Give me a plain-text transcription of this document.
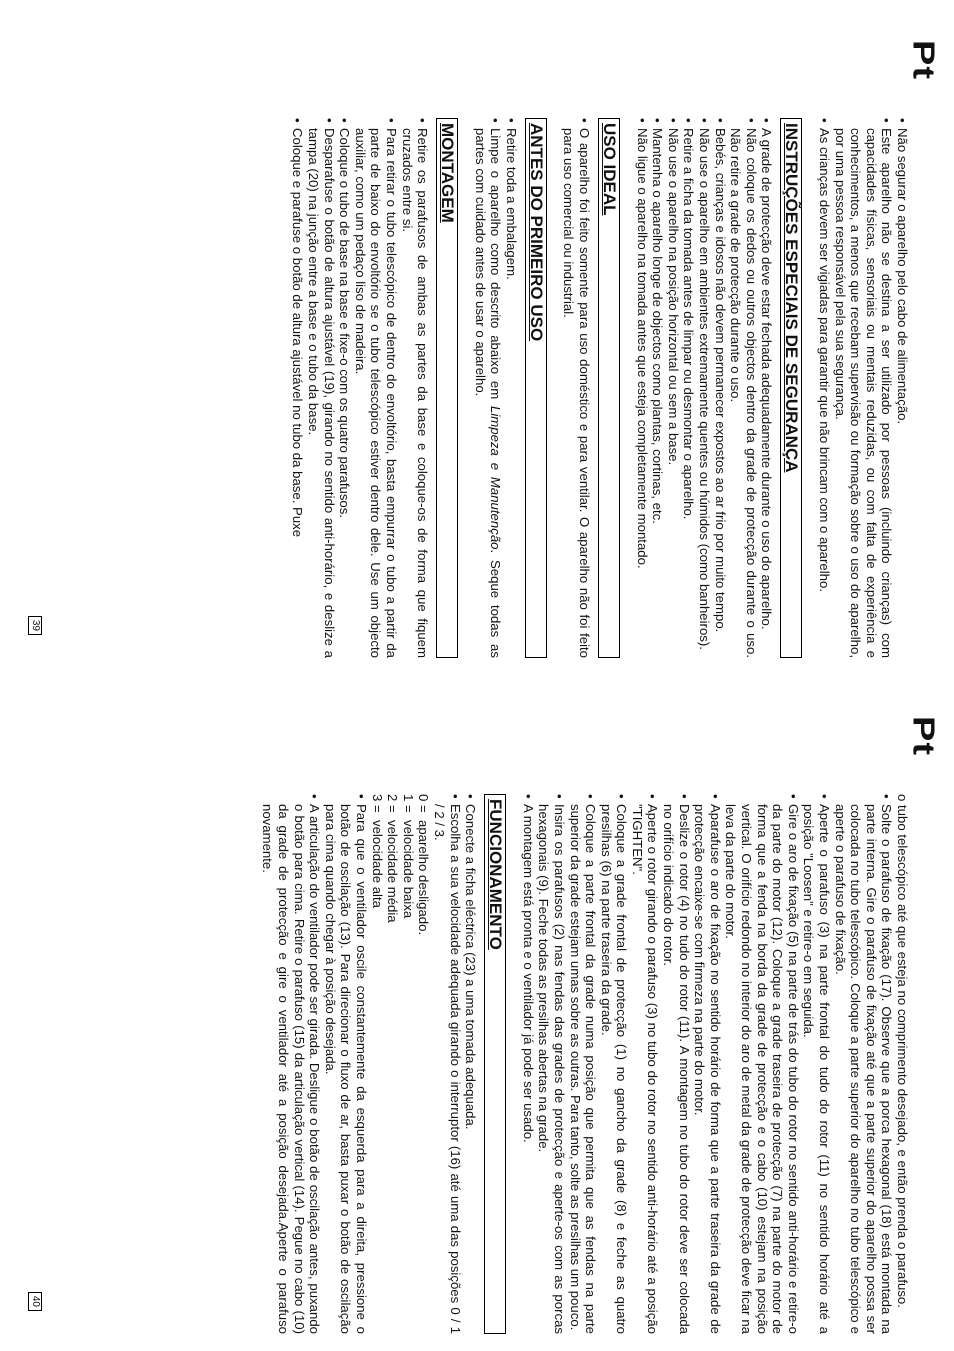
Pt
• Não segurar o aparelho pelo cabo de alimentação.
• Este aparelho não se destina a ser utilizado por pessoas (incluindo crianças) com capacidades físicas, sensoriais ou mentais reduzidas, ou com falta de experiência e conhecimentos, a menos que recebam supervisão ou formação sobre o uso do aparelho, por uma pessoa responsável pela sua segurança.
• As crianças devem ser vigiadas para garantir que não brincam com o aparelho.
INSTRUÇÕES ESPECIAIS DE SEGURANÇA
• A grade de protecção deve estar fechada adequadamente durante o uso do aparelho.
• Não coloque os dedos ou outros objectos dentro da grade de protecção durante o uso. Não retire a grade de protecção durante o uso.
• Bebés, crianças e idosos não devem permanecer expostos ao ar frio por muito tempo.
• Não use o aparelho em ambientes extremamente quentes ou húmidos (como banheiros).
• Retire a ficha da tomada antes de limpar ou desmontar o aparelho.
• Não use o aparelho na posição horizontal ou sem a base.
• Mantenha o aparelho longe de objectos como plantas, cortinas, etc.
• Não ligue o aparelho na tomada antes que esteja completamente montado.
USO IDEAL
• O aparelho foi feito somente para uso doméstico e para ventilar. O aparelho não foi feito para uso comercial ou industrial.
ANTES DO PRIMEIRO USO
• Retire toda a embalagem.
• Limpe o aparelho como descrito abaixo em Limpeza e Manutenção. Seque todas as partes com cuidado antes de usar o aparelho.
MONTAGEM
• Retire os parafusos de ambas as partes da base e coloque-os de forma que fiquem cruzados entre si.
• Para retirar o tubo telescópico de dentro do envoltório, basta empurrar o tubo a partir da parte de baixo do envoltório se o tubo telescópico estiver dentro dele. Use um objecto auxiliar, como um pedaço liso de madeira.
• Coloque o tubo de base na base e fixe-o com os quatro parafusos.
• Desparafuse o botão de altura ajustável (19), girando no sentido anti-horário, e deslize a tampa (20) na junção entre a base e o tubo da base.
• Coloque e parafuse o botão de altura ajustável no tubo da base. Puxe
39
Pt

o tubo telescópico até que esteja no comprimento desejado, e então prenda o parafuso.

• Solte o parafuso de fixação (17). Observe que a porca hexagonal (18) está montada na parte interna. Gire o parafuso de fixação até que a parte superior do aparelho possa ser colocada no tubo telescópico. Coloque a parte superior do aparelho no tubo telescópico e aperte o parafuso de fixação.
• Aperte o parafuso (3) na parte frontal do tudo do rotor (11) no sentido horário até a posição "Loosen" e retire-o em seguida.
• Gire o aro de fixação (5) na parte de trás do tubo do rotor no sentido anti-horário e retire-o da parte do motor (12). Coloque a grade traseira de protecção (7) na parte do motor de forma que a fenda na borda da grade de protecção e o cabo (10) estejam na posição vertical. O orifício redondo no interior do aro de metal da grade de protecção deve ficar na leva da parte do motor.
• Aparafuse o aro de fixação no sentido horário de forma que a parte traseira da grade de protecção encaixe-se com firmeza na parte do motor.
• Deslize o rotor (4) no tudo do rotor (11). A montagem no tubo do rotor deve ser colocada no orifício indicado do rotor.
• Aperte o rotor girando o parafuso (3) no tubo do rotor no sentido anti-horário até a posição "TIGHTEN".
• Coloque a grade frontal de protecção (1) no gancho da grade (8) e feche as quatro presilhas (6) na parte traseira da grade.
• Coloque a parte frontal da grade numa posição que permita que as fendas na parte superior da grade estejam umas sobre as outras. Para tanto, solte as presilhas um pouco.
• Insira os parafusos (2) nas fendas das grades de protecção e aperte-os com as porcas hexagonais (9). Feche todas as presilhas abertas na grade.
• A montagem está pronta e o ventilador já pode ser usado.
FUNCIONAMENTO
• Conecte a ficha eléctrica (23) a uma tomada adequada.
• Escolha a sua velocidade adequada girando o interruptor (16) até uma das posições 0 / 1 / 2 / 3.
0 =aparelho desligado.
1 =velocidade baixa
2 =velocidade média
3 =velocidade alta
• Para que o ventilador oscile constantemente da esquerda para a direita, pressione o botão de oscilação (13). Para direcionar o fluxo de ar, basta puxar o botão de oscilação para cima quando chegar à posição desejada.
• A articulação do ventilador pode ser girada. Desligue o botão de oscilação antes, puxando o botão para cima. Retire o parafuso (15) da articulação vertical (14). Pegue no cabo (10) da grade de protecção e gire o ventilador até a posição desejada.Aperte o parafuso novamente.
40
